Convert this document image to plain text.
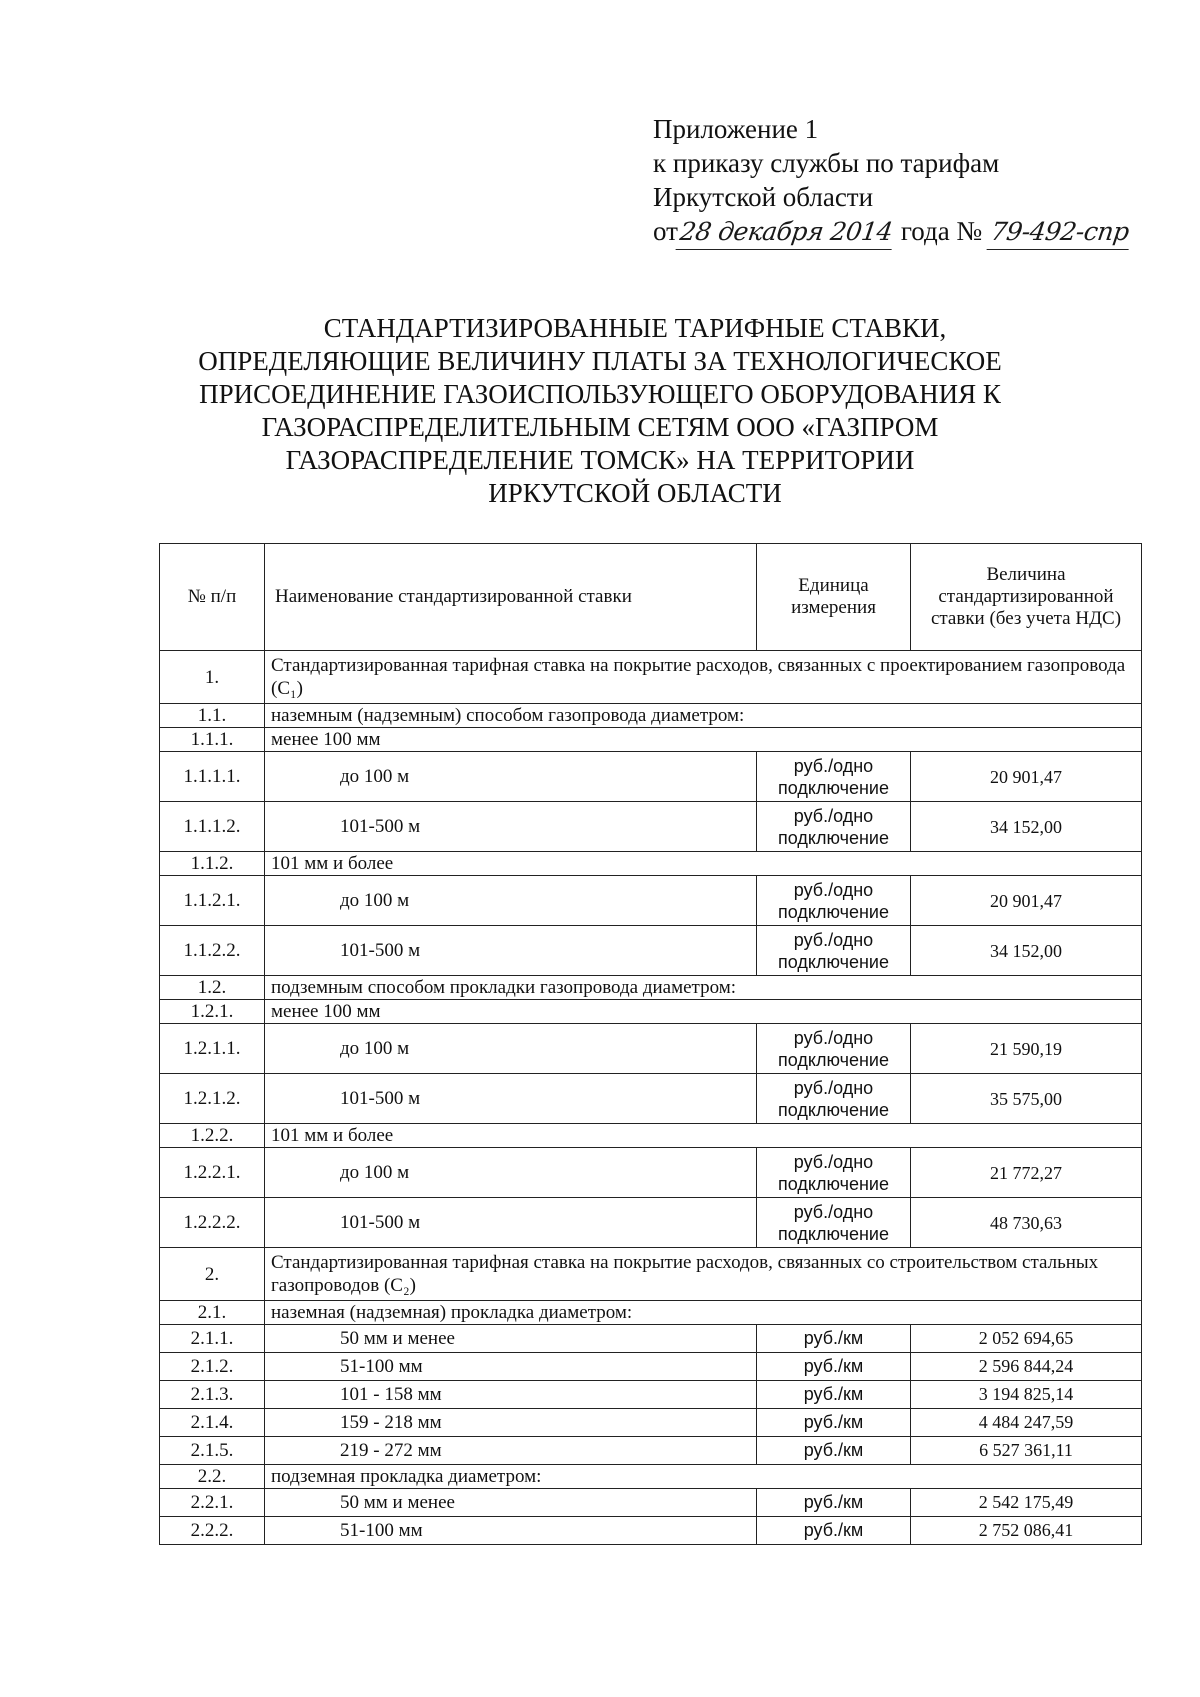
Приложение 1
к приказу службы по тарифам
Иркутской области
от28 декабря 2014 года № 79-492-спр
СТАНДАРТИЗИРОВАННЫЕ ТАРИФНЫЕ СТАВКИ,
ОПРЕДЕЛЯЮЩИЕ ВЕЛИЧИНУ ПЛАТЫ ЗА ТЕХНОЛОГИЧЕСКОЕ
ПРИСОЕДИНЕНИЕ ГАЗОИСПОЛЬЗУЮЩЕГО ОБОРУДОВАНИЯ К
ГАЗОРАСПРЕДЕЛИТЕЛЬНЫМ СЕТЯМ ООО «ГАЗПРОМ
ГАЗОРАСПРЕДЕЛЕНИЕ ТОМСК» НА ТЕРРИТОРИИ
ИРКУТСКОЙ ОБЛАСТИ
№ п/п	Наименование стандартизированной ставки	Единица измерения	Величина стандартизированной ставки (без учета НДС)
1.	Стандартизированная тарифная ставка на покрытие расходов, связанных с проектированием газопровода (С₁)		
1.1.	наземным (надземным) способом газопровода диаметром:		
1.1.1.	менее 100 мм		
1.1.1.1.	до 100 м	руб./одно подключение	20 901,47
1.1.1.2.	101-500 м	руб./одно подключение	34 152,00
1.1.2.	101 мм и более		
1.1.2.1.	до 100 м	руб./одно подключение	20 901,47
1.1.2.2.	101-500 м	руб./одно подключение	34 152,00
1.2.	подземным способом прокладки газопровода диаметром:		
1.2.1.	менее 100 мм		
1.2.1.1.	до 100 м	руб./одно подключение	21 590,19
1.2.1.2.	101-500 м	руб./одно подключение	35 575,00
1.2.2.	101 мм и более		
1.2.2.1.	до 100 м	руб./одно подключение	21 772,27
1.2.2.2.	101-500 м	руб./одно подключение	48 730,63
2.	Стандартизированная тарифная ставка на покрытие расходов, связанных со строительством стальных газопроводов (С₂)		
2.1.	наземная (надземная) прокладка диаметром:		
2.1.1.	50 мм и менее	руб./км	2 052 694,65
2.1.2.	51-100 мм	руб./км	2 596 844,24
2.1.3.	101 - 158 мм	руб./км	3 194 825,14
2.1.4.	159 - 218 мм	руб./км	4 484 247,59
2.1.5.	219 - 272 мм	руб./км	6 527 361,11
2.2.	подземная прокладка диаметром:		
2.2.1.	50 мм и менее	руб./км	2 542 175,49
2.2.2.	51-100 мм	руб./км	2 752 086,41
